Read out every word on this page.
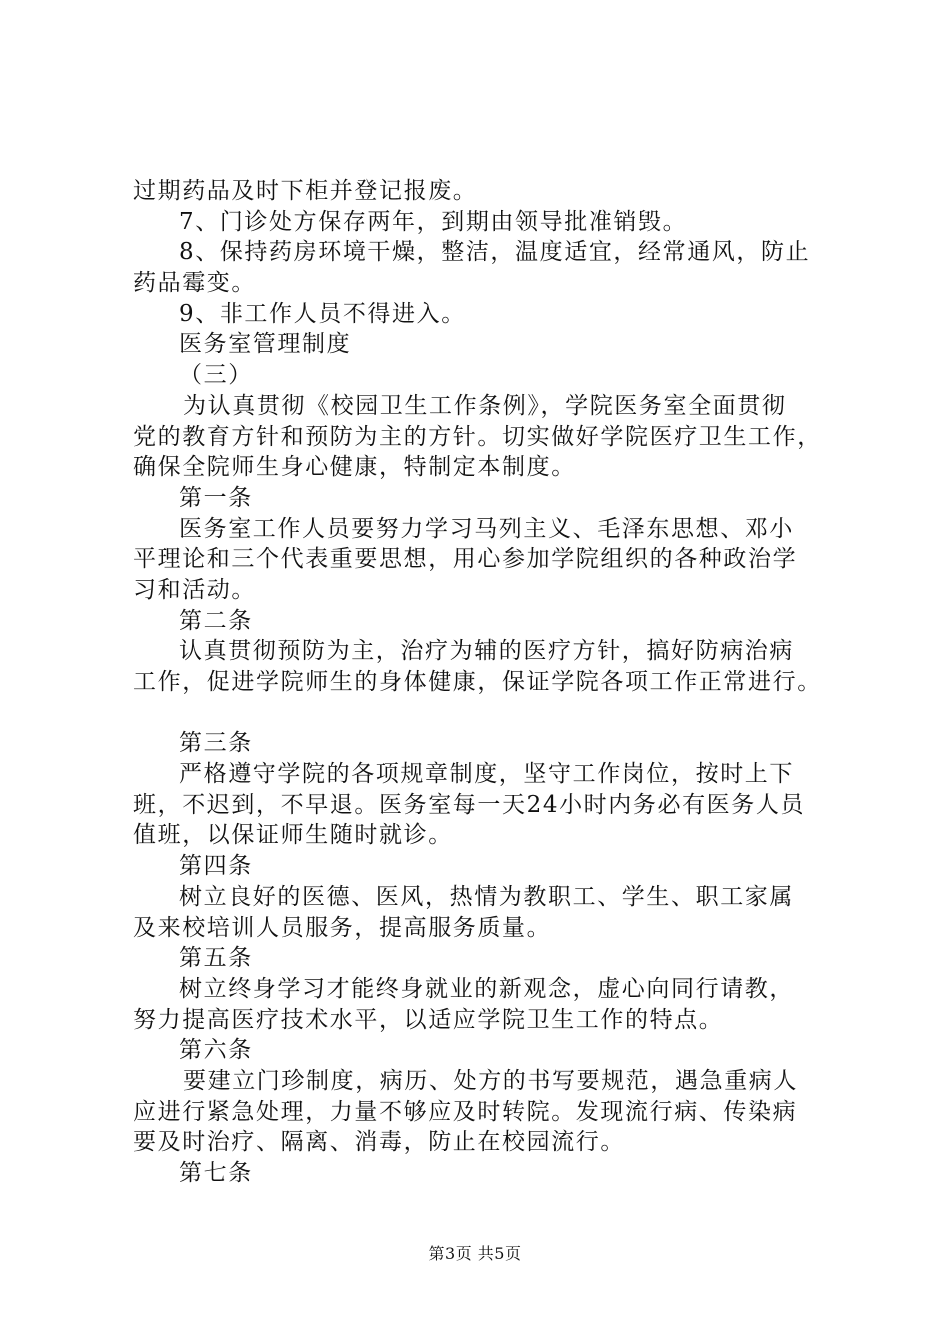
过期药品及时下柜并登记报废。
7、门诊处方保存两年，到期由领导批准销毁。
8、保持药房环境干燥，整洁，温度适宜，经常通风，防止
药品霉变。
9、非工作人员不得进入。
医务室管理制度
（三）
为认真贯彻《校园卫生工作条例》，学院医务室全面贯彻
党的教育方针和预防为主的方针。切实做好学院医疗卫生工作，
确保全院师生身心健康，特制定本制度。
第一条
医务室工作人员要努力学习马列主义、毛泽东思想、邓小
平理论和三个代表重要思想，用心参加学院组织的各种政治学
习和活动。
第二条
认真贯彻预防为主，治疗为辅的医疗方针，搞好防病治病
工作，促进学院师生的身体健康，保证学院各项工作正常进行。
第三条
严格遵守学院的各项规章制度，坚守工作岗位，按时上下
班，不迟到，不早退。医务室每一天24小时内务必有医务人员
值班，以保证师生随时就诊。
第四条
树立良好的医德、医风，热情为教职工、学生、职工家属
及来校培训人员服务，提高服务质量。
第五条
树立终身学习才能终身就业的新观念，虚心向同行请教，
努力提高医疗技术水平，以适应学院卫生工作的特点。
第六条
要建立门珍制度，病历、处方的书写要规范，遇急重病人
应进行紧急处理，力量不够应及时转院。发现流行病、传染病
要及时治疗、隔离、消毒，防止在校园流行。
第七条
第3页 共5页
